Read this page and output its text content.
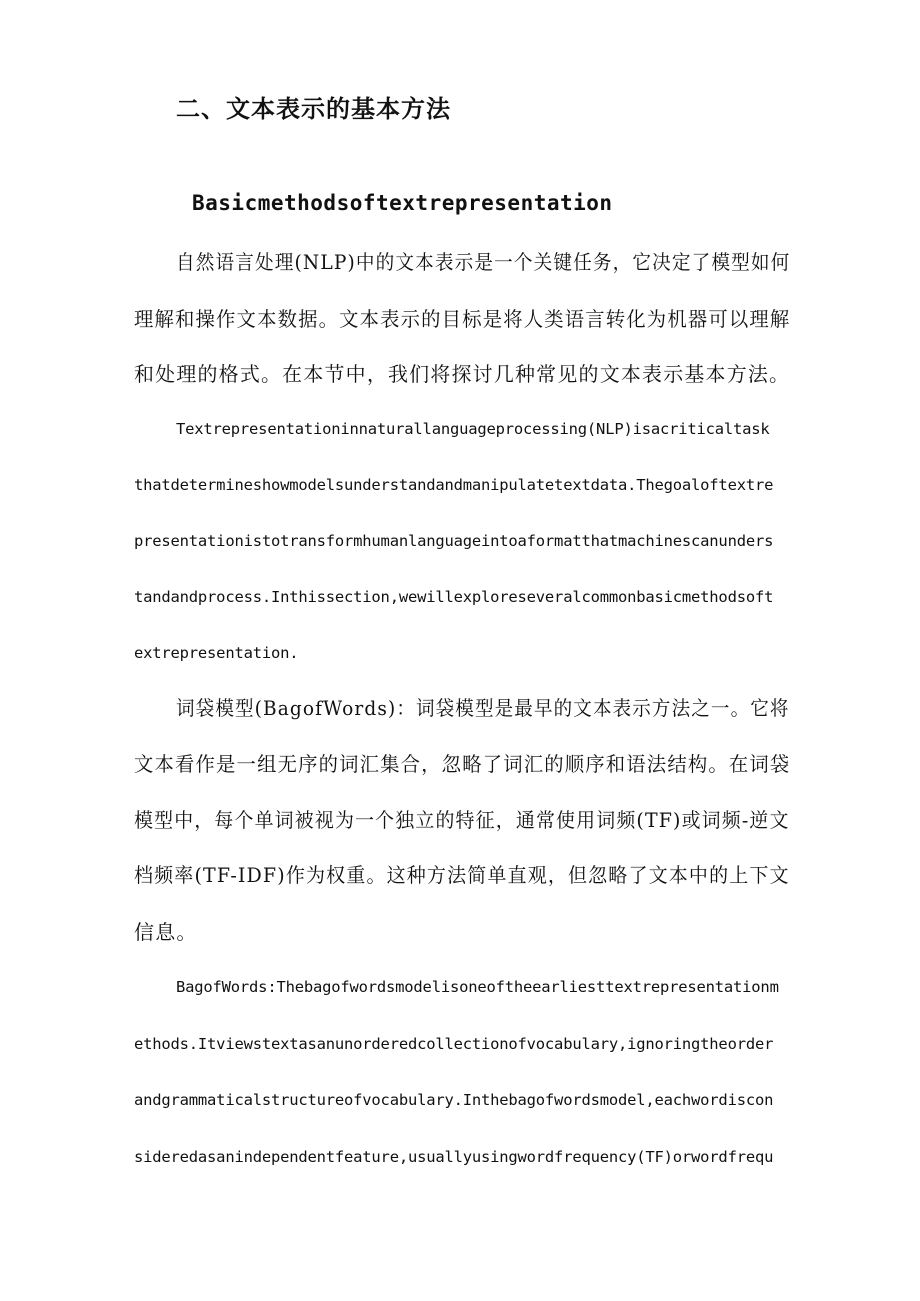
二、文本表示的基本方法
Basicmethodsoftextrepresentation

自然语言处理(NLP)中的文本表示是一个关键任务，它决定了模型如何

理解和操作文本数据。文本表示的目标是将人类语言转化为机器可以理解

和处理的格式。在本节中，我们将探讨几种常见的文本表示基本方法。

Textrepresentationinnaturallanguageprocessing(NLP)isacriticaltask

thatdetermineshowmodelsunderstandandmanipulatetextdata.Thegoaloftextre

presentationistotransformhumanlanguageintoaformatthatmachinescanunders

tandandprocess.Inthissection,wewillexploreseveralcommonbasicmethodsoft

extrepresentation.

词袋模型(BagofWords)：词袋模型是最早的文本表示方法之一。它将

文本看作是一组无序的词汇集合，忽略了词汇的顺序和语法结构。在词袋

模型中，每个单词被视为一个独立的特征，通常使用词频(TF)或词频-逆文

档频率(TF-IDF)作为权重。这种方法简单直观，但忽略了文本中的上下文

信息。

BagofWords:Thebagofwordsmodelisoneoftheearliesttextrepresentationm

ethods.Itviewstextasanunorderedcollectionofvocabulary,ignoringtheorder

andgrammaticalstructureofvocabulary.Inthebagofwordsmodel,eachwordiscon

sideredasanindependentfeature,usuallyusingwordfrequency(TF)orwordfrequ
